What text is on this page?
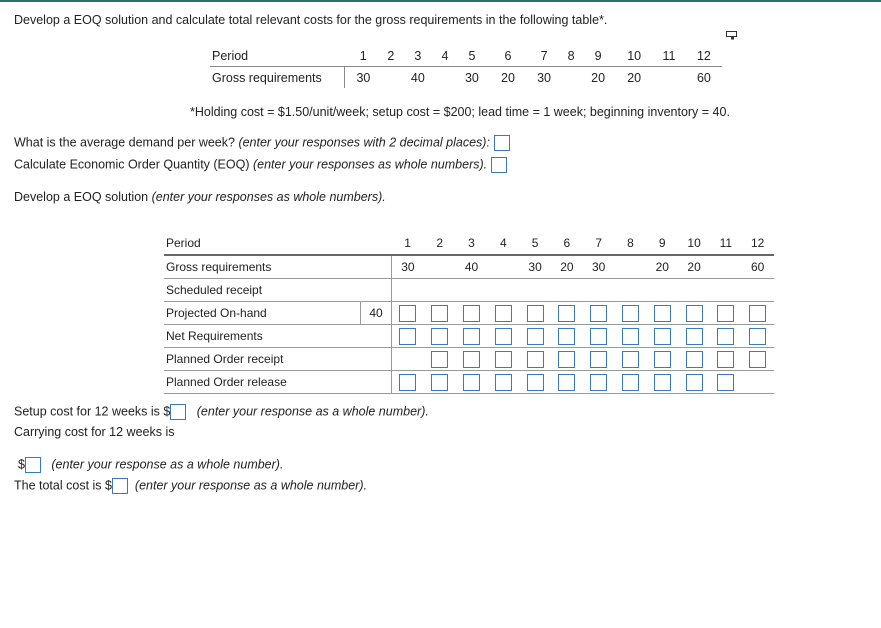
Develop a EOQ solution and calculate total relevant costs for the gross requirements in the following table*.
Period	1	2	3	4	5	6	7	8	9	10	11	12
Gross requirements	30		40		30	20	30		20	20		60
*Holding cost = $1.50/unit/week; setup cost = $200; lead time = 1 week; beginning inventory = 40.
What is the average demand per week? (enter your responses with 2 decimal places):
Calculate Economic Order Quantity (EOQ) (enter your responses as whole numbers).
Develop a EOQ solution (enter your responses as whole numbers).
Period		1	2	3	4	5	6	7	8	9	10	11	12
Gross requirements		30		40		30	20	30		20	20		60
Scheduled receipt													
Projected On-hand	40												
Net Requirements													
Planned Order receipt													
Planned Order release													
Setup cost for 12 weeks is $ (enter your response as a whole number).
Carrying cost for 12 weeks is
$ (enter your response as a whole number).
The total cost is $ (enter your response as a whole number).
